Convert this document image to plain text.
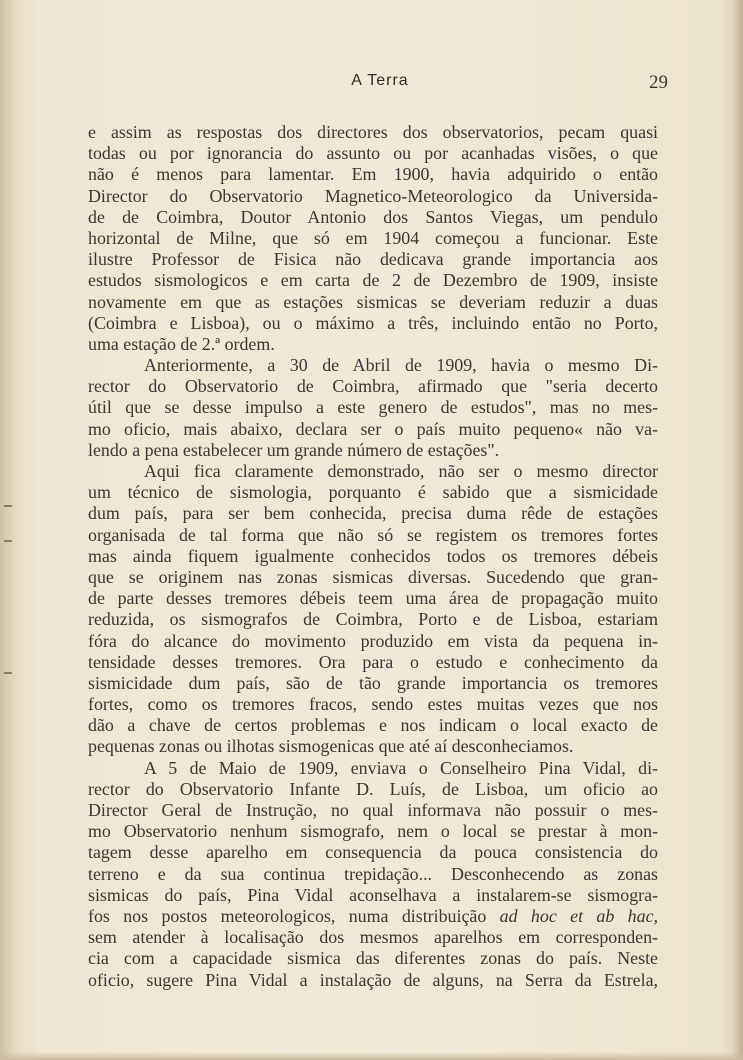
A Terra	29
e assim as respostas dos directores dos observatorios, pecam quasi
todas ou por ignorancia do assunto ou por acanhadas visões, o que
não é menos para lamentar. Em 1900, havia adquirido o então
Director do Observatorio Magnetico-Meteorologico da Universida-
de de Coimbra, Doutor Antonio dos Santos Viegas, um pendulo
horizontal de Milne, que só em 1904 começou a funcionar. Este
ilustre Professor de Fisica não dedicava grande importancia aos
estudos sismologicos e em carta de 2 de Dezembro de 1909, insiste
novamente em que as estações sismicas se deveriam reduzir a duas
(Coimbra e Lisboa), ou o máximo a três, incluindo então no Porto,
uma estação de 2.ª ordem.
Anteriormente, a 30 de Abril de 1909, havia o mesmo Di-
rector do Observatorio de Coimbra, afirmado que "seria decerto
útil que se desse impulso a este genero de estudos", mas no mes-
mo oficio, mais abaixo, declara ser o país muito pequeno« não va-
lendo a pena estabelecer um grande número de estações".
Aqui fica claramente demonstrado, não ser o mesmo director
um técnico de sismologia, porquanto é sabido que a sismicidade
dum país, para ser bem conhecida, precisa duma rêde de estações
organisada de tal forma que não só se registem os tremores fortes
mas ainda fiquem igualmente conhecidos todos os tremores débeis
que se originem nas zonas sismicas diversas. Sucedendo que gran-
de parte desses tremores débeis teem uma área de propagação muito
reduzida, os sismografos de Coimbra, Porto e de Lisboa, estariam
fóra do alcance do movimento produzido em vista da pequena in-
tensidade desses tremores. Ora para o estudo e conhecimento da
sismicidade dum país, são de tão grande importancia os tremores
fortes, como os tremores fracos, sendo estes muitas vezes que nos
dão a chave de certos problemas e nos indicam o local exacto de
pequenas zonas ou ilhotas sismogenicas que até aí desconheciamos.
A 5 de Maio de 1909, enviava o Conselheiro Pina Vidal, di-
rector do Observatorio Infante D. Luís, de Lisboa, um oficio ao
Director Geral de Instrução, no qual informava não possuir o mes-
mo Observatorio nenhum sismografo, nem o local se prestar à mon-
tagem desse aparelho em consequencia da pouca consistencia do
terreno e da sua continua trepidação... Desconhecendo as zonas
sismicas do país, Pina Vidal aconselhava a instalarem-se sismogra-
fos nos postos meteorologicos, numa distribuição ad hoc et ab hac,
sem atender à localisação dos mesmos aparelhos em corresponden-
cia com a capacidade sismica das diferentes zonas do país. Neste
oficio, sugere Pina Vidal a instalação de alguns, na Serra da Estrela,
